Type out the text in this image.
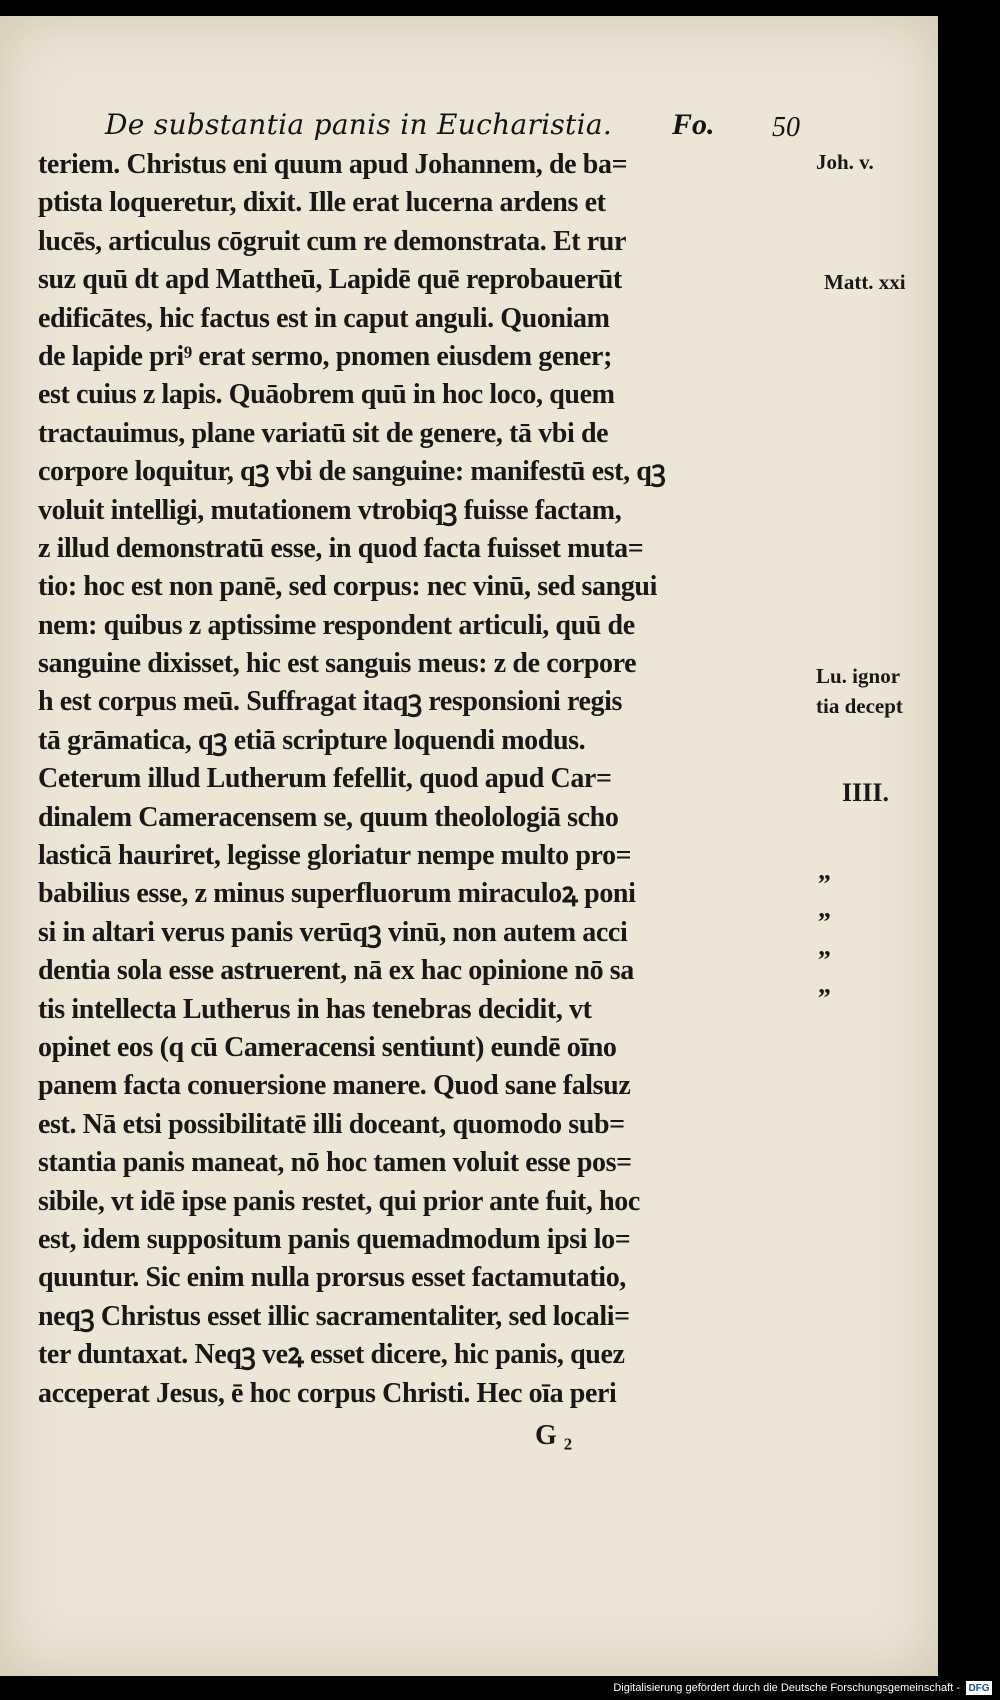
De substantia panis in Eucharistia. Fo. 50
teriem. Christus eni quum apud Johannem, de ba=
ptista loqueretur, dixit. Ille erat lucerna ardens et
lucēs, articulus cōgruit cum re demonstrata. Et rur
suz quū dt apd Mattheū, Lapidē quē reprobauerūt
edificātes, hic factus est in caput anguli. Quoniam
de lapide pri⁹ erat sermo, pnomen eiusdem gener;
est cuius z lapis. Quāobrem quū in hoc loco, quem
tractauimus, plane variatū sit de genere, tā vbi de
corpore loquitur, qꝫ vbi de sanguine: manifestū est, qꝫ
voluit intelligi, mutationem vtrobiqꝫ fuisse factam,
z illud demonstratū esse, in quod facta fuisset muta=
tio: hoc est non panē, sed corpus: nec vinū, sed sangui
nem: quibus z aptissime respondent articuli, quū de
sanguine dixisset, hic est sanguis meus: z de corpore
h est corpus meū. Suffragat itaqꝫ responsioni regis
tā grāmatica, qꝫ etiā scripture loquendi modus.
Ceterum illud Lutherum fefellit, quod apud Car=
dinalem Cameracensem se, quum theolologiā scho
lasticā hauriret, legisse gloriatur nempe multo pro=
babilius esse, z minus superfluorum miraculoꝝ poni
si in altari verus panis verūqꝫ vinū, non autem acci
dentia sola esse astruerent, nā ex hac opinione nō sa
tis intellecta Lutherus in has tenebras decidit, vt
opinet eos (q cū Cameracensi sentiunt) eundē oīno
panem facta conuersione manere. Quod sane falsuz
est. Nā etsi possibilitatē illi doceant, quomodo sub=
stantia panis maneat, nō hoc tamen voluit esse pos=
sibile, vt idē ipse panis restet, qui prior ante fuit, hoc
est, idem suppositum panis quemadmodum ipsi lo=
quuntur. Sic enim nulla prorsus esset factamutatio,
neqꝫ Christus esset illic sacramentaliter, sed locali=
ter duntaxat. Neqꝫ veꝝ esset dicere, hic panis, quez
acceperat Jesus, ē hoc corpus Christi. Hec oīa peri
Joh. v.
Matt. xxi
Lu. ignor
tia decept
IIII.
„
„
„
„
G ₂
Digitalisierung gefördert durch die Deutsche Forschungsgemeinschaft - DFG
